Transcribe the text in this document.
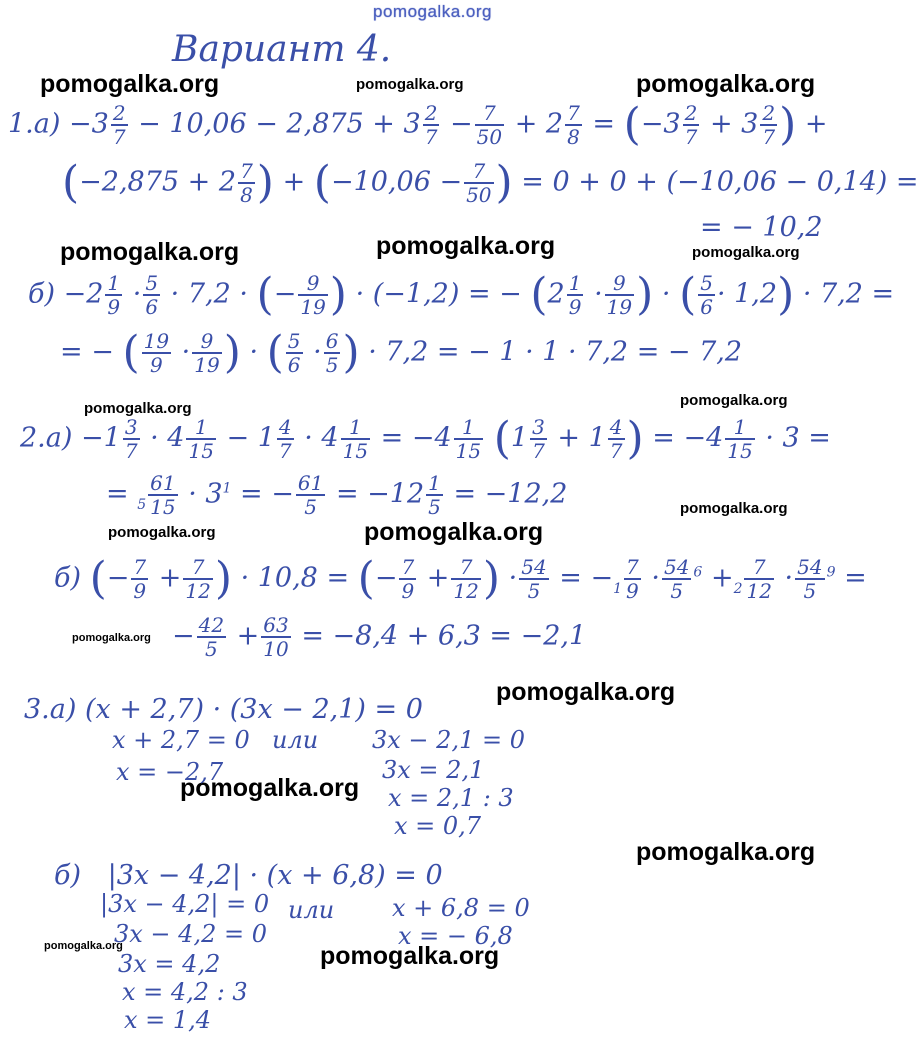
pomogalka.org
pomogalka.org	pomogalka.org	pomogalka.org
pomogalka.org	pomogalka.org	pomogalka.org
pomogalka.org	pomogalka.org
pomogalka.org
pomogalka.org	pomogalka.org
pomogalka.org
pomogalka.org
pomogalka.org
pomogalka.org
pomogalka.org	pomogalka.org
Вариант 4.
$1.а) -3 \frac{2}{7} - 10,06 - 2,875 + 3 \frac{2}{7} - \frac{7}{50} + 2 \frac{7}{8} = (-3 \frac{2}{7} + 3 \frac{2}{7}$ ) +
($-2,875 + 2 \frac{7}{8}$ ) + ($-10,06 - \frac{7}{50}$ ) = 0 + 0 + (−10,06 − 0,14) =
= − 10,2
$б) -2 \frac{1}{9} \cdot \frac{5}{6} \cdot 7,2$ · (− $\frac{9}{19}$ ) · (−1,2) = − ($2 \frac{1}{9} \cdot \frac{9}{19}$ ) · ( $\frac{5}{6} \cdot 1,2) \cdot 7,2$ =
= − ( $\frac{19}{9} \cdot \frac{9}{19}$ ) · ( $\frac{5}{6} \cdot \frac{6}{5}$ ) · 7,2 = − 1 · 1 · 7,2 = − 7,2
$2.а) -1 \frac{3}{7} \cdot 4 \frac{1}{15} - 1 \frac{4}{7} \cdot 4 \frac{1}{15} = -4 \frac{1}{15} (1 \frac{3}{7} + 1 \frac{4}{7}$ ) = $-4 \frac{1}{15} \cdot 3$ =
= $_5 \frac{61}{15} \cdot 3^1$ = − $\frac{61}{5} = -12 \frac{1}{5} = -12,2$
б) (− $\frac{7}{9} + \frac{7}{12}$ ) · 10,8 = (− $\frac{7}{9} + \frac{7}{12}$ ) · $\frac{54}{5} = -_1 \frac{7}{9} \cdot \frac{54}{5} ^6 +_2 \frac{7}{12} \cdot \frac{54}{5} ^9$ =
− $\frac{42}{5} + \frac{63}{10} = -8,4 + 6,3 = -2,1$
3.а) (x + 2,7) · (3x − 2,1) = 0
x + 2,7 = 0 или 3x − 2,1 = 0
x = −2,7	3x = 2,1
x = 2,1 : 3
x = 0,7
б) |3x − 4,2| · (x + 6,8) = 0
|3x − 4,2| = 0 или x + 6,8 = 0
3x − 4,2 = 0	x = − 6,8
3x = 4,2
x = 4,2 : 3
x = 1,4
